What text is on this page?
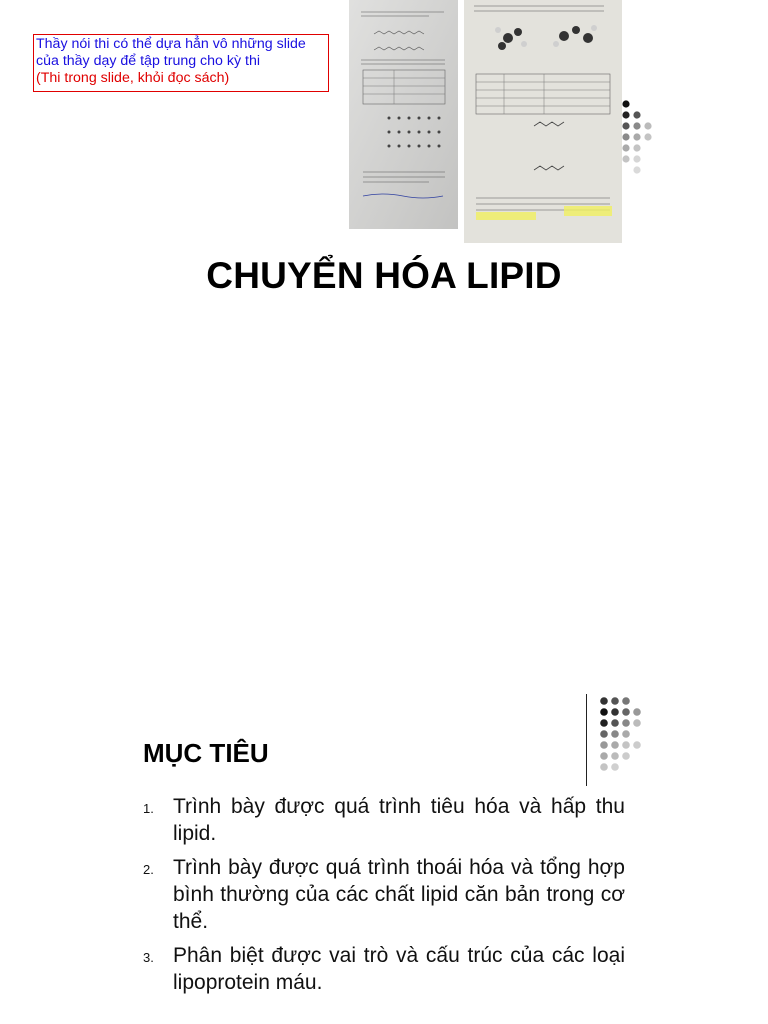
Thầy nói thi có thể dựa hẳn vô những slide
của thầy dạy để tập trung cho kỳ thi
(Thi trong slide, khỏi đọc sách)
CHUYỂN HÓA LIPID
MỤC TIÊU
1. Trình bày được quá trình tiêu hóa và hấp thu lipid.
2. Trình bày được quá trình thoái hóa và tổng hợp bình thường của các chất lipid căn bản trong cơ thể.
3. Phân biệt được vai trò và cấu trúc của các loại lipoprotein máu.
